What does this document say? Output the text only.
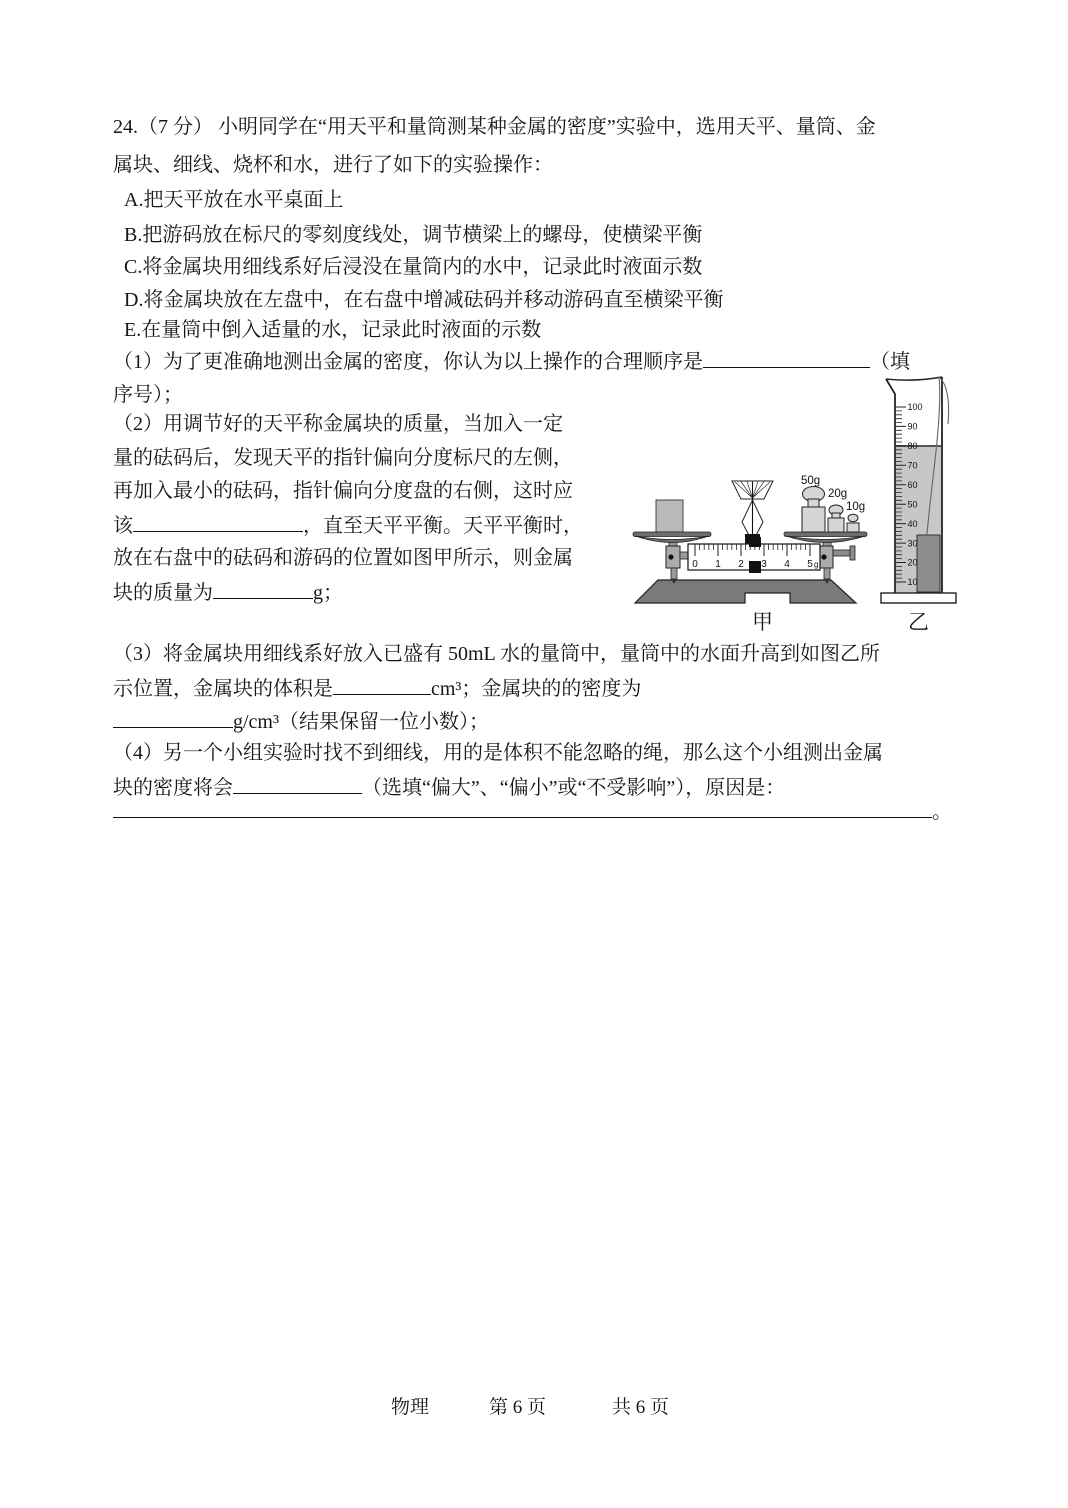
24.（7 分） 小明同学在“用天平和量筒测某种金属的密度”实验中，选用天平、量筒、金
属块、细线、烧杯和水，进行了如下的实验操作：
A.把天平放在水平桌面上
B.把游码放在标尺的零刻度线处，调节横梁上的螺母，使横梁平衡
C.将金属块用细线系好后浸没在量筒内的水中，记录此时液面示数
D.将金属块放在左盘中，在右盘中增减砝码并移动游码直至横梁平衡
E.在量筒中倒入适量的水，记录此时液面的示数
（1）为了更准确地测出金属的密度，你认为以上操作的合理顺序是	（填
序号）；
（2）用调节好的天平称金属块的质量，当加入一定
量的砝码后，发现天平的指针偏向分度标尺的左侧，
再加入最小的砝码，指针偏向分度盘的右侧，这时应
该	，直至天平平衡。天平平衡时，
放在右盘中的砝码和游码的位置如图甲所示，则金属
块的质量为	g；
（3）将金属块用细线系好放入已盛有 50mL 水的量筒中，量筒中的水面升高到如图乙所
示位置，金属块的体积是	cm³；金属块的的密度为
g/cm³（结果保留一位小数）；
（4）另一个小组实验时找不到细线，用的是体积不能忽略的绳，那么这个小组测出金属
块的密度将会	（选填“偏大”、“偏小”或“不受影响”），原因是：
。
50g
20g
10g
0 1 2 3 4 5 g
甲
100
90
80
70
60
50
40
30
20
10
乙
物理	第 6 页	共 6 页
